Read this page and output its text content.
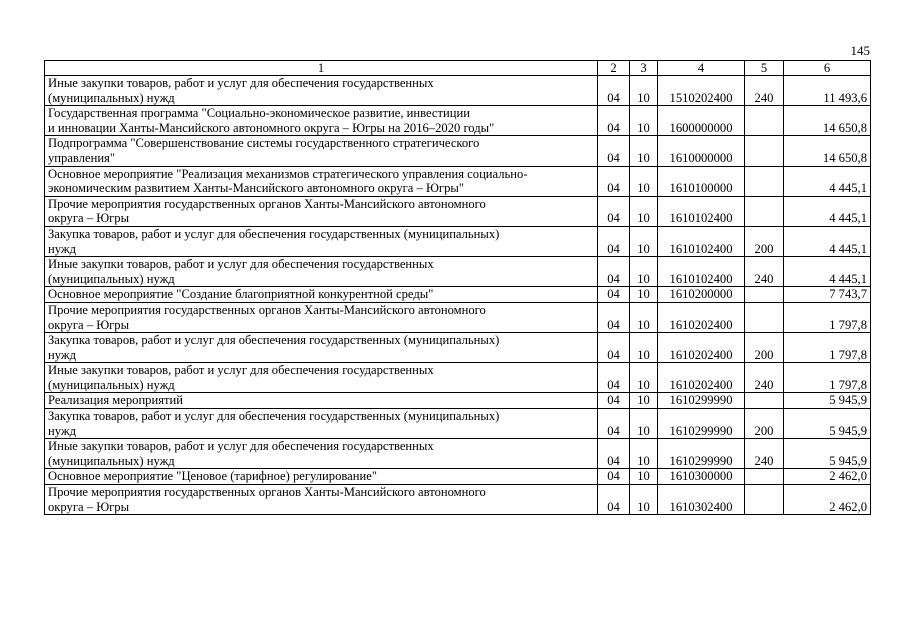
145
1	2	3	4	5	6

Иные закупки товаров, работ и услуг для обеспечения государственных
(муниципальных) нужд	04	10	1510202400	240	11 493,6

Государственная программа "Социально-экономическое развитие, инвестиции
и инновации Ханты-Мансийского автономного округа – Югры на 2016–2020 годы"	04	10	1600000000		14 650,8

Подпрограмма "Совершенствование системы государственного стратегического
управления"	04	10	1610000000		14 650,8

Основное мероприятие "Реализация механизмов стратегического управления социально-
экономическим развитием Ханты-Мансийского автономного округа – Югры"	04	10	1610100000		4 445,1

Прочие мероприятия государственных органов Ханты-Мансийского автономного
округа – Югры	04	10	1610102400		4 445,1

Закупка товаров, работ и услуг для обеспечения государственных (муниципальных)
нужд	04	10	1610102400	200	4 445,1

Иные закупки товаров, работ и услуг для обеспечения государственных
(муниципальных) нужд	04	10	1610102400	240	4 445,1

Основное мероприятие "Создание благоприятной конкурентной среды"	04	10	1610200000		7 743,7

Прочие мероприятия государственных органов Ханты-Мансийского автономного
округа – Югры	04	10	1610202400		1 797,8

Закупка товаров, работ и услуг для обеспечения государственных (муниципальных)
нужд	04	10	1610202400	200	1 797,8

Иные закупки товаров, работ и услуг для обеспечения государственных
(муниципальных) нужд	04	10	1610202400	240	1 797,8

Реализация мероприятий	04	10	1610299990		5 945,9

Закупка товаров, работ и услуг для обеспечения государственных (муниципальных)
нужд	04	10	1610299990	200	5 945,9

Иные закупки товаров, работ и услуг для обеспечения государственных
(муниципальных) нужд	04	10	1610299990	240	5 945,9

Основное мероприятие "Ценовое (тарифное) регулирование"	04	10	1610300000		2 462,0

Прочие мероприятия государственных органов Ханты-Мансийского автономного
округа – Югры	04	10	1610302400		2 462,0
